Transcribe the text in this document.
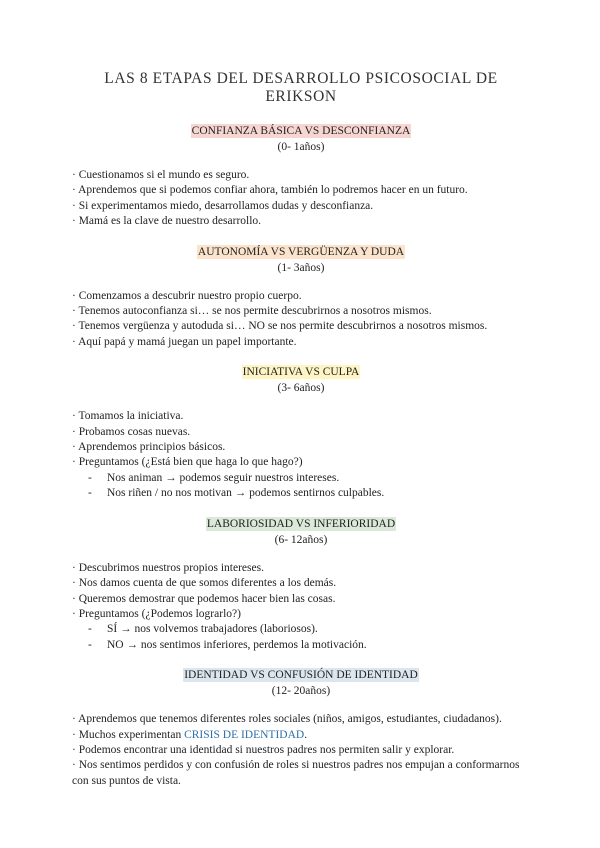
LAS 8 ETAPAS DEL DESARROLLO PSICOSOCIAL DE ERIKSON
CONFIANZA BÁSICA VS DESCONFIANZA
(0- 1años)
· Cuestionamos si el mundo es seguro.
· Aprendemos que si podemos confiar ahora, también lo podremos hacer en un futuro.
· Si experimentamos miedo, desarrollamos dudas y desconfianza.
· Mamá es la clave de nuestro desarrollo.
AUTONOMÍA VS VERGÜENZA Y DUDA
(1- 3años)
· Comenzamos a descubrir nuestro propio cuerpo.
· Tenemos autoconfianza si… se nos permite descubrirnos a nosotros mismos.
· Tenemos vergüenza y autoduda si… NO se nos permite descubrirnos a nosotros mismos.
· Aquí papá y mamá juegan un papel importante.
INICIATIVA VS CULPA
(3- 6años)
· Tomamos la iniciativa.
· Probamos cosas nuevas.
· Aprendemos principios básicos.
· Preguntamos (¿Está bien que haga lo que hago?)
- Nos animan → podemos seguir nuestros intereses.
- Nos riñen / no nos motivan → podemos sentirnos culpables.
LABORIOSIDAD VS INFERIORIDAD
(6- 12años)
· Descubrimos nuestros propios intereses.
· Nos damos cuenta de que somos diferentes a los demás.
· Queremos demostrar que podemos hacer bien las cosas.
· Preguntamos (¿Podemos lograrlo?)
- SÍ → nos volvemos trabajadores (laboriosos).
- NO → nos sentimos inferiores, perdemos la motivación.
IDENTIDAD VS CONFUSIÓN DE IDENTIDAD
(12- 20años)
· Aprendemos que tenemos diferentes roles sociales (niños, amigos, estudiantes, ciudadanos).
· Muchos experimentan CRISIS DE IDENTIDAD.
· Podemos encontrar una identidad si nuestros padres nos permiten salir y explorar.
· Nos sentimos perdidos y con confusión de roles si nuestros padres nos empujan a conformarnos con sus puntos de vista.
